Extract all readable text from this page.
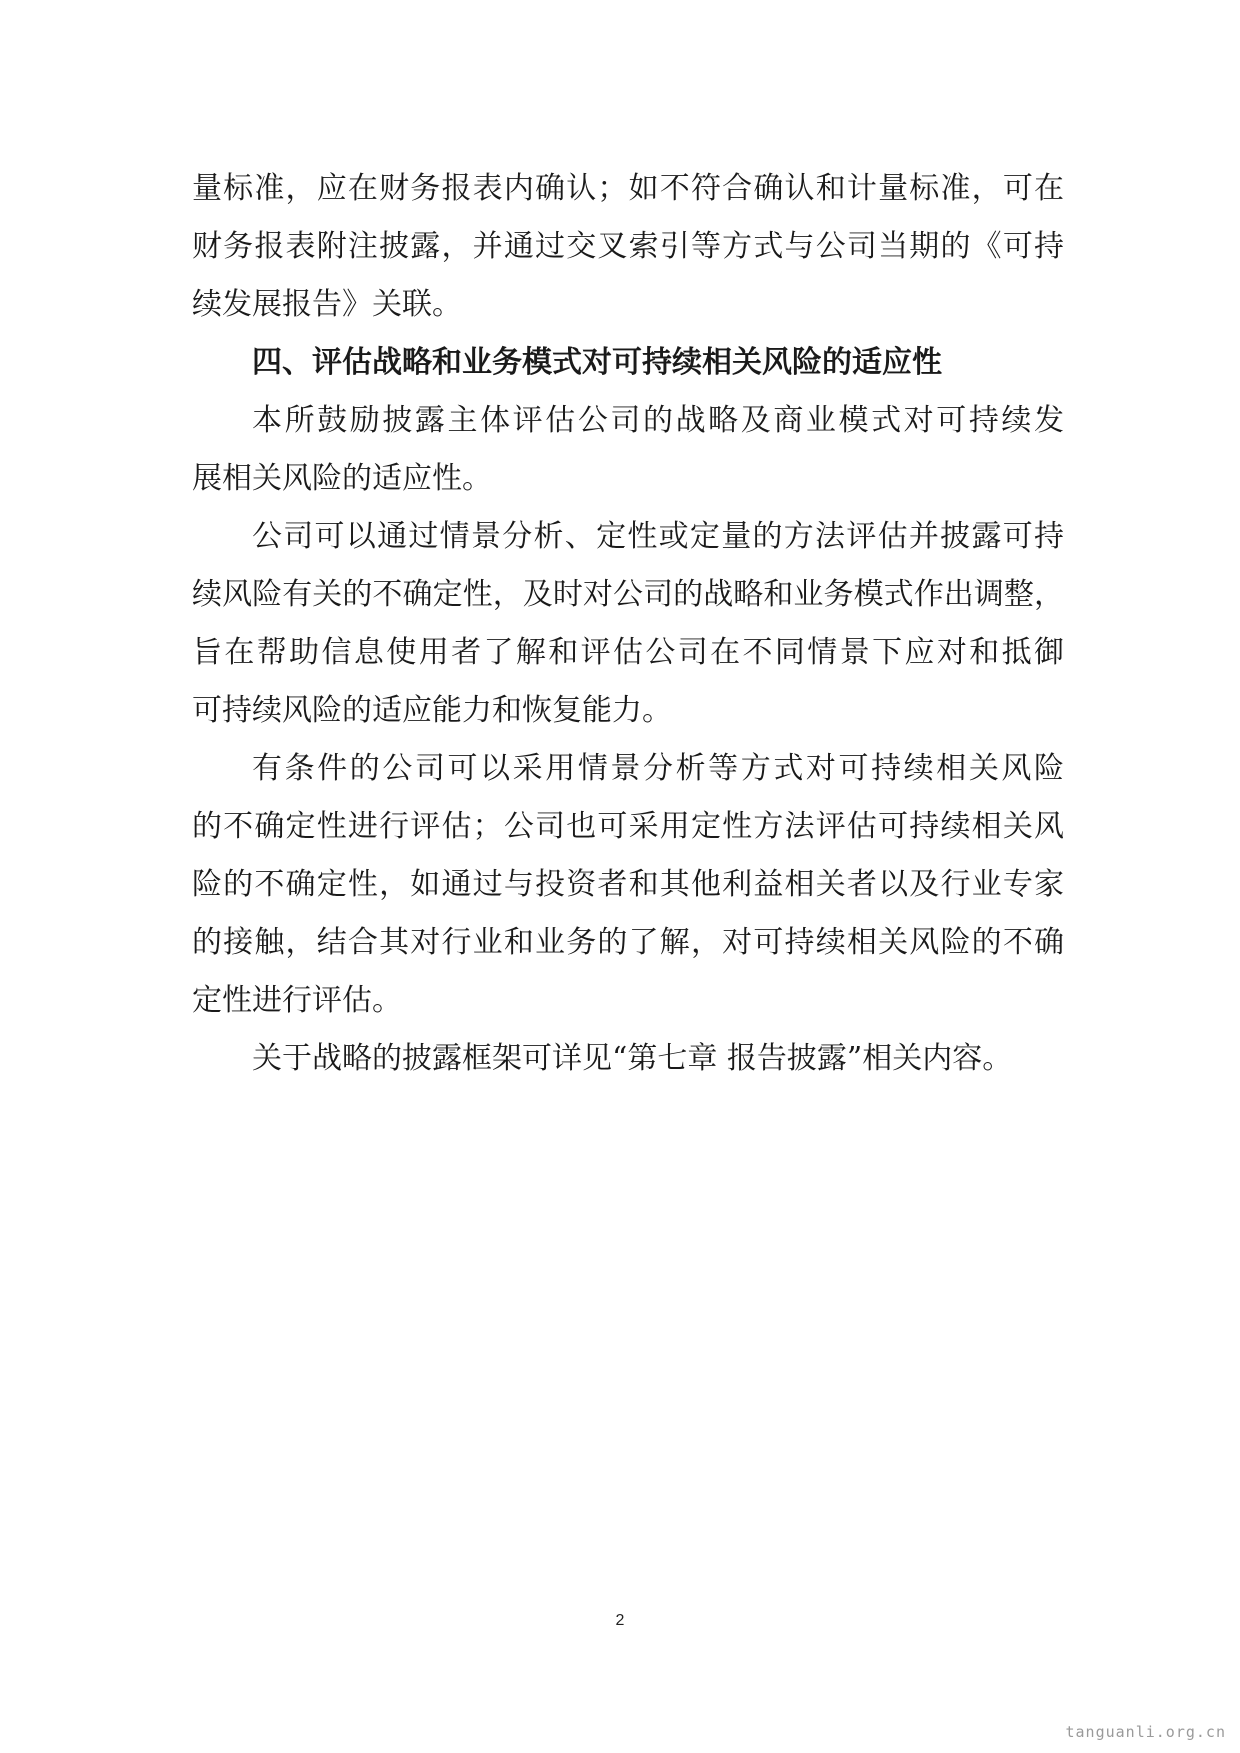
量标准，应在财务报表内确认；如不符合确认和计量标准，可在
财务报表附注披露，并通过交叉索引等方式与公司当期的《可持
续发展报告》关联。
四、评估战略和业务模式对可持续相关风险的适应性
本所鼓励披露主体评估公司的战略及商业模式对可持续发
展相关风险的适应性。
公司可以通过情景分析、定性或定量的方法评估并披露可持
续风险有关的不确定性，及时对公司的战略和业务模式作出调整，
旨在帮助信息使用者了解和评估公司在不同情景下应对和抵御
可持续风险的适应能力和恢复能力。
有条件的公司可以采用情景分析等方式对可持续相关风险
的不确定性进行评估；公司也可采用定性方法评估可持续相关风
险的不确定性，如通过与投资者和其他利益相关者以及行业专家
的接触，结合其对行业和业务的了解，对可持续相关风险的不确
定性进行评估。
关于战略的披露框架可详见“第七章 报告披露”相关内容。
2
tanguanli.org.cn
